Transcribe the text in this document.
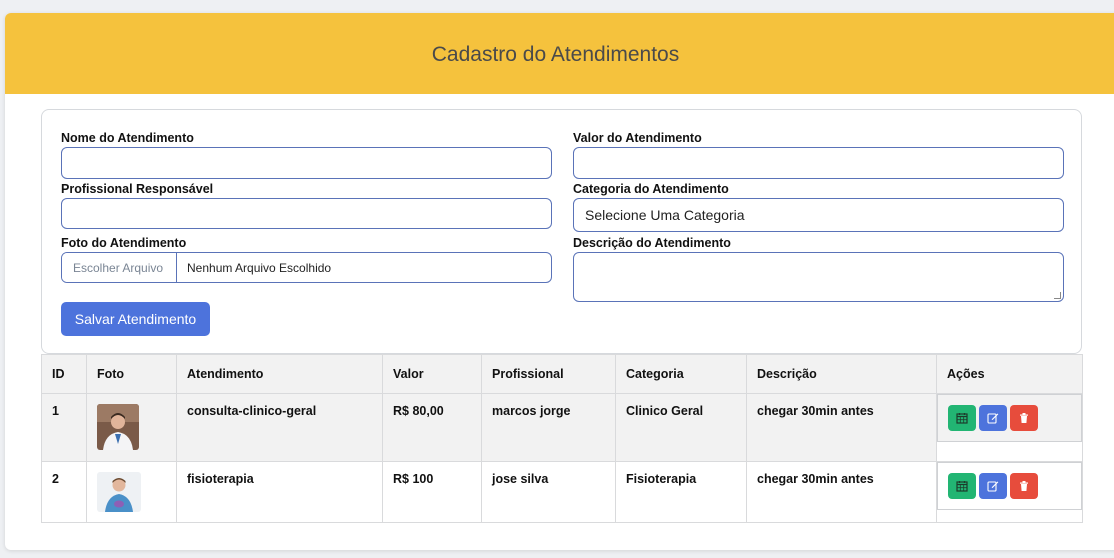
Cadastro do Atendimentos
Nome do Atendimento	Valor do Atendimento
Profissional Responsável	Categoria do Atendimento
Selecione Uma Categoria
Foto do Atendimento
Escolher Arquivo	Nenhum Arquivo Escolhido
Descrição do Atendimento
Salvar Atendimento
ID	Foto	Atendimento	Valor	Profissional	Categoria	Descrição	Ações
1		consulta-clinico-geral	R$ 80,00	marcos jorge	Clinico Geral	chegar 30min antes	

2		fisioterapia	R$ 100	jose silva	Fisioterapia	chegar 30min antes	
